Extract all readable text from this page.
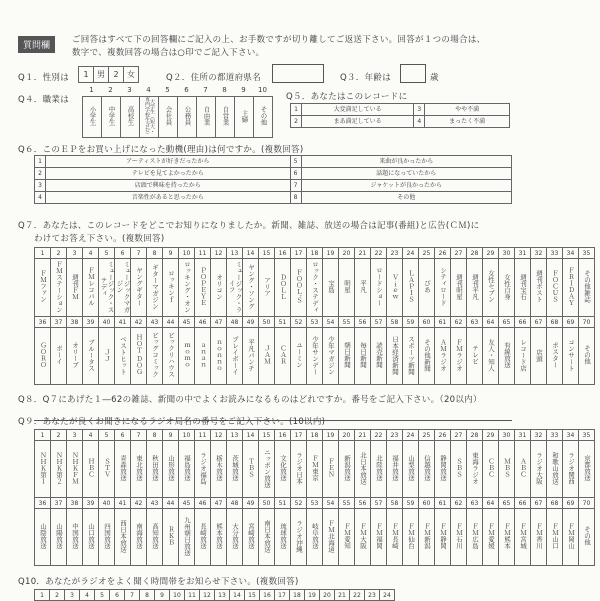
質問欄
ご回答はすべて下の回答欄にご記入の上、お手数ですが切り離してご返送下さい。回答が１つの場合は、
数字で、複数回答の場合は○印でご記入下さい。
Q１．性別は 1	男	2	女	Q２．住所の都道府県名	Q３．年齢は	歳
Q４．職業は
1	2	3	4	5	6	7	8	9	10
小学生	中学生	高校生	大学生（短大・専門学校生含む）	会社員	公務員	自由業	自営業	主婦	その他
Q５．あなたはこのレコードに
1	大変満足している	3	やや不満
2	まあ満足している	4	まったく不満
Q６．このＥＰをお買い上げになった動機(理由)は何ですか。(複数回答)
1	アーティストが好きだったから	5	来曲が良かったから
2	テレビを見てよかったから	6	話題になっていたから
3	店頭で興味を持ったから	7	ジャケットが良かったから
4	音楽性があると思ったから	8	その他
Q７．あなたは、このレコードをどこでお知りになりましたか。新聞、雑誌、放送の場合は記事(番組)と広告(ＣＭ)に
わけてお答え下さい。(複数回答)
1	2	3	4	5	6	7	8	9	10	11	12	13	14	15	16	17	18	19	20	21	22	23	24	25	26	27	28	29	30	31	32	33	34	35
ＦＭファン	ＦＭステーション	週刊ＦＭ	ＦＭレコパル	ミュージック・ステディ	ミュージックマガジン	ヤングギター	ギターマガジン	ロッキンｆ	ロッキング・オン	ＰＯＰＥＹＥ	オリコン	ミュージック・ライフ	ヤング・ソング	アリア	ＤＯＬＬ	ＦＯＯＬ'Ｓ	ロック・ステディ	宝島	明星	平凡	ロードショー	Ｖｉｅｗ	ＬＡＰＩＳ	ぴあ	シティロード	週刊明星	週刊平凡	女性セブン	女性自身	週刊宝石	週刊ポスト	ＦＯＣＵＳ	ＦＲＩＤＡＹ	その他雑誌
36	37	38	39	40	41	42	43	44	45	46	47	48	49	50	51	52	53	54	55	56	57	58	59	60	61	62	63	64	65	66	67	68	69	70
ＧＯＲＯ	ボーイ	オリーブ	ブルータス	ＪＪ	ベストヒット	ＨＯＴ ＤＯＧ	ビッグコミック	ビックリハウス	ｍｏｍｏ	ａｎａｎ	ｎｏｎｎｏ	プレイボーイ	平凡パンチ	ＪＡＭ	ＣＡＲ	ユーミン	少年サンデー	少年マガジン	朝日新聞	毎日新聞	読売新聞	日本経済新聞	スポーツ新聞	その他新聞	ＡＭラジオ	ＦＭラジオ	テレビ	友人・知人	有線放送	レコード店	店頭	ポスター	コンサート	その他
Q８．Q７にあげた１―62の雑誌、新聞の中でよくお読みになるものはどれですか。番号をご記入下さい。（20以内）
Q９．あなたが良くお聞きになるラジオ局名の番号をご記入下さい。(10以内)
1	2	3	4	5	6	7	8	9	10	11	12	13	14	15	16	17	18	19	20	21	22	23	24	25	26	27	28	29	30	31	32	33	34	35
ＮＨＫ第１	ＮＨＫ第２	ＮＨＫＦＭ	ＨＢＣ	ＳＴＶ	青森放送	東北放送	秋田放送	山形放送	福島放送	ラジオ福島	栃木放送	茨城放送	ＴＢＳ	ニッポン放送	文化放送	ラジオ日本	ＦＭ東京	ＦＥＮ	新潟放送	北日本放送	北陸放送	福井放送	山梨放送	信越放送	静岡放送	ＳＢＳ	東海ラジオ	ＣＢＣ	ＭＢＳ	ＡＢＣ	ラジオ大阪	和歌山放送	ラジオ関西	京都放送
36	37	38	39	40	41	42	43	44	45	46	47	48	49	50	51	52	53	54	55	56	57	58	59	60	61	62	63	64	65	66	67	68	69	70
山陰放送	山陽放送	中国放送	山口放送	四国放送	西日本放送	南海放送	高知放送	ＲＫＢ	九州朝日放送	長崎放送	熊本放送	大分放送	宮崎放送	南日本放送	琉球放送	ラジオ沖縄	岐阜放送	ＦＭ北海道	ＦＭ愛知	ＦＭ大阪	ＦＭ福岡	ＦＭ長崎	ＦＭ仙台	ＦＭ新潟	ＦＭ静岡	ＦＭ石川	ＦＭ広島	ＦＭ愛媛	ＦＭ熊本	ＦＭ宮城	ＦＭ香川	ＦＭ山口	ＦＭ岡山	その他
Q10．あなたがラジオをよく聞く時間帯をお知らせ下さい。(複数回答)
1	2	3	4	5	6	7	8	9	10	11	12	13	14	15	16	17	18	19	20	21	22	23	24
